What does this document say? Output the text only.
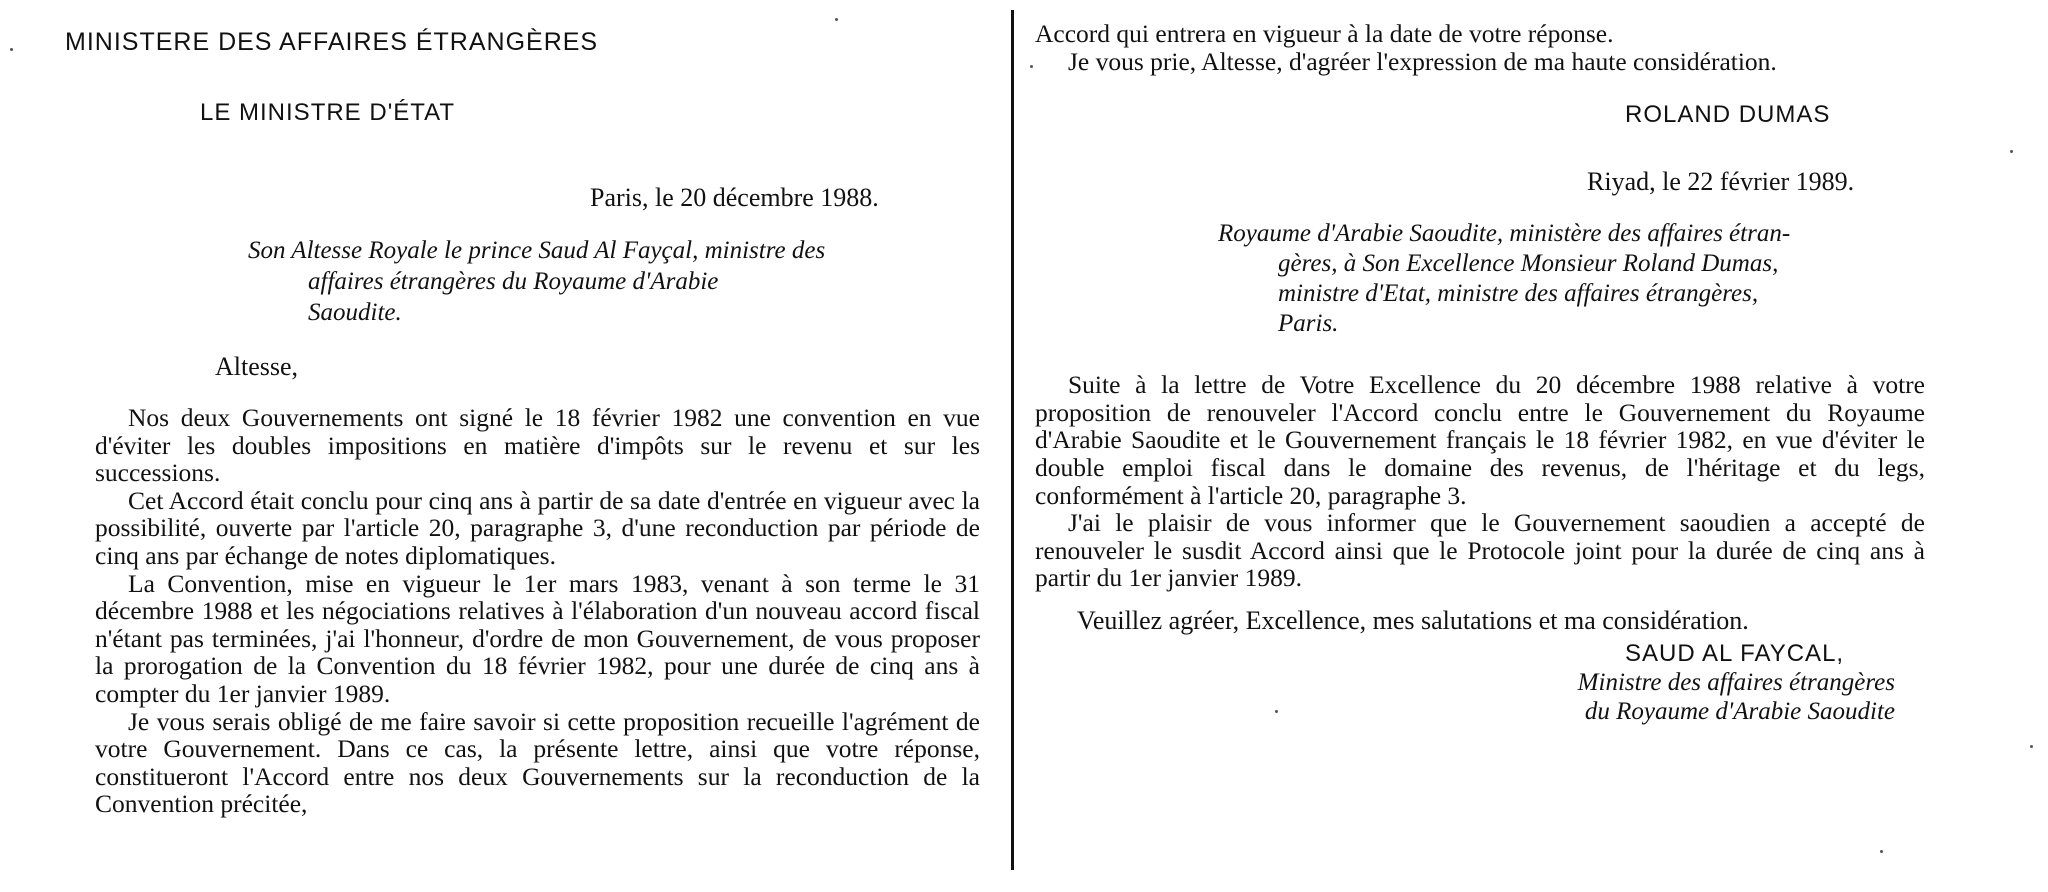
MINISTERE DES AFFAIRES ÉTRANGÈRES
LE MINISTRE D'ÉTAT
Paris, le 20 décembre 1988.
Son Altesse Royale le prince Saud Al Fayçal, ministre des
affaires étrangères du Royaume d'Arabie
Saoudite.
Altesse,

Nos deux Gouvernements ont signé le 18 février 1982 une convention en vue d'éviter les doubles impositions en matière d'impôts sur le revenu et sur les successions.

Cet Accord était conclu pour cinq ans à partir de sa date d'entrée en vigueur avec la possibilité, ouverte par l'article 20, paragraphe 3, d'une reconduction par période de cinq ans par échange de notes diplomatiques.

La Convention, mise en vigueur le 1er mars 1983, venant à son terme le 31 décembre 1988 et les négociations relatives à l'élaboration d'un nouveau accord fiscal n'étant pas terminées, j'ai l'honneur, d'ordre de mon Gouvernement, de vous proposer la prorogation de la Convention du 18 février 1982, pour une durée de cinq ans à compter du 1er janvier 1989.

Je vous serais obligé de me faire savoir si cette proposition recueille l'agrément de votre Gouvernement. Dans ce cas, la présente lettre, ainsi que votre réponse, constitueront l'Accord entre nos deux Gouvernements sur la reconduction de la Convention précitée,

Accord qui entrera en vigueur à la date de votre réponse.

Je vous prie, Altesse, d'agréer l'expression de ma haute considération.

ROLAND DUMAS
Riyad, le 22 février 1989.
Royaume d'Arabie Saoudite, ministère des affaires étran-
gères, à Son Excellence Monsieur Roland Dumas,
ministre d'Etat, ministre des affaires étrangères,
Paris.

Suite à la lettre de Votre Excellence du 20 décembre 1988 relative à votre proposition de renouveler l'Accord conclu entre le Gouvernement du Royaume d'Arabie Saoudite et le Gouvernement français le 18 février 1982, en vue d'éviter le double emploi fiscal dans le domaine des revenus, de l'héritage et du legs, conformément à l'article 20, paragraphe 3.

J'ai le plaisir de vous informer que le Gouvernement saoudien a accepté de renouveler le susdit Accord ainsi que le Protocole joint pour la durée de cinq ans à partir du 1er janvier 1989.

Veuillez agréer, Excellence, mes salutations et ma considération.
SAUD AL FAYCAL,
Ministre des affaires étrangères
du Royaume d'Arabie Saoudite
